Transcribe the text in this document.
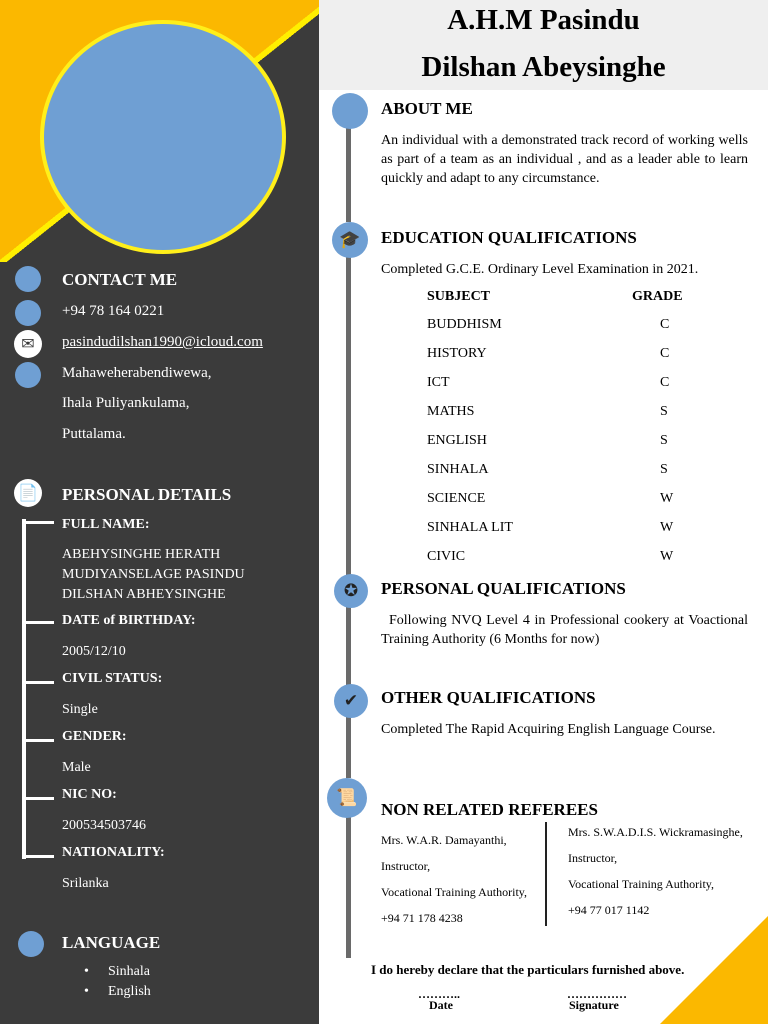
CONTACT ME
+94 78 164 0221
✉	pasindudilshan1990@icloud.com
Mahaweherabendiwewa,
Ihala Puliyankulama,
Puttalama.
📄 PERSONAL DETAILS
FULL NAME:
ABEHYSINGHE HERATH MUDIYANSELAGE PASINDU DILSHAN ABHEYSINGHE
DATE of BIRTHDAY:
2005/12/10
CIVIL STATUS:
Single
GENDER:
Male
NIC NO:
200534503746
NATIONALITY:
Srilanka
LANGUAGE
• Sinhala
• English
A.H.M Pasindu
Dilshan Abeysinghe
ABOUT ME
An individual with a demonstrated track record of working wells as part of a team as an individual , and as a leader able to learn quickly and adapt to any circumstance.
🎓	EDUCATION QUALIFICATIONS
Completed G.C.E. Ordinary Level Examination in 2021.
SUBJECT	GRADE
BUDDHISM	C
HISTORY	C
ICT	C
MATHS	S
ENGLISH	S
SINHALA	S
SCIENCE	W
SINHALA LIT	W
CIVIC	W
✪	PERSONAL QUALIFICATIONS
Following NVQ Level 4 in Professional cookery at Voactional Training Authority (6 Months for now)
✔	OTHER QUALIFICATIONS
Completed The Rapid Acquiring English Language Course.
📜
NON RELATED REFEREES
Mrs. W.A.R. Damayanthi,
Instructor,
Vocational Training Authority,
+94 71 178 4238
Mrs. S.W.A.D.I.S. Wickramasinghe,
Instructor,
Vocational Training Authority,
+94 77 017 1142
I do hereby declare that the particulars furnished above.
………..
Date
……………
Signature
